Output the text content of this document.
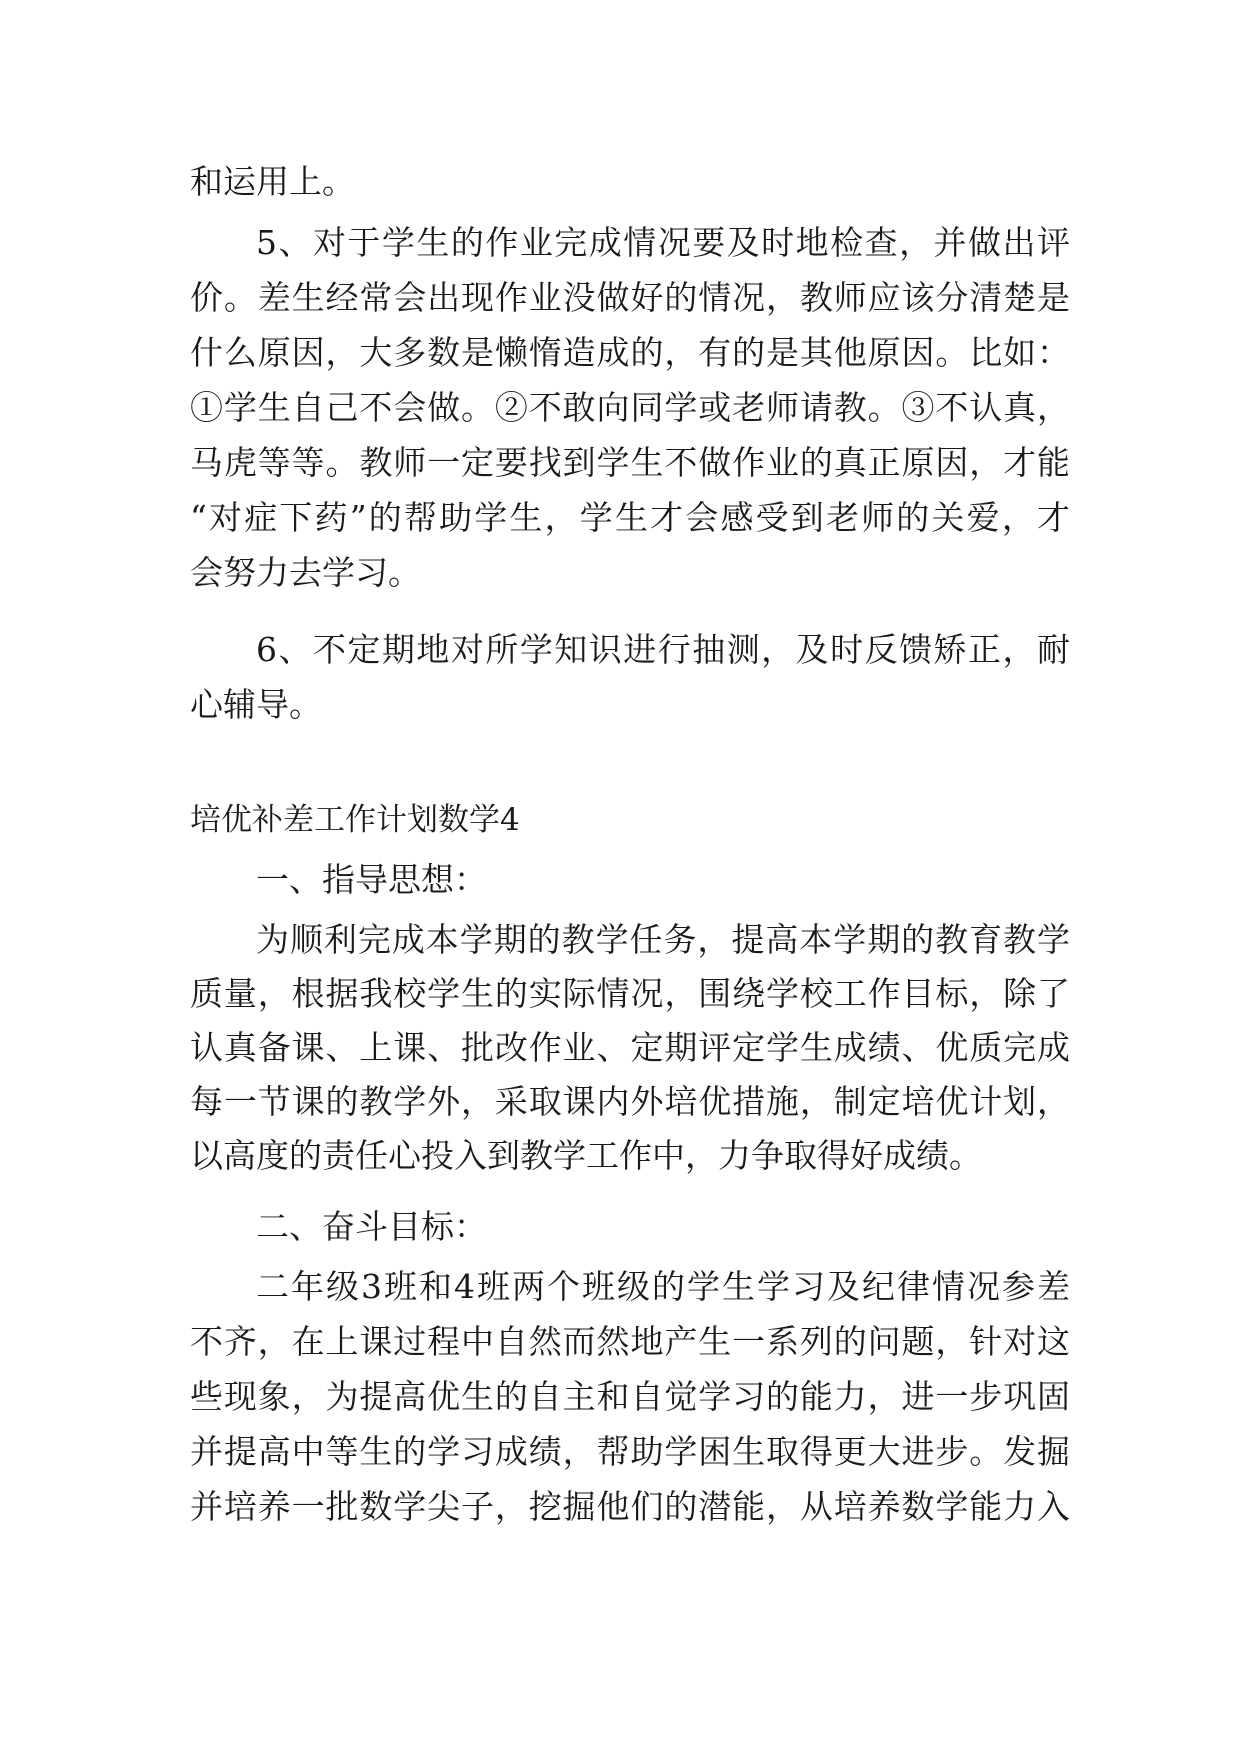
和运用上。
5、对于学生的作业完成情况要及时地检查，并做出评
价。差生经常会出现作业没做好的情况，教师应该分清楚是
什么原因，大多数是懒惰造成的，有的是其他原因。比如：
①学生自己不会做。②不敢向同学或老师请教。③不认真，
马虎等等。教师一定要找到学生不做作业的真正原因，才能
“对症下药”的帮助学生，学生才会感受到老师的关爱，才
会努力去学习。
6、不定期地对所学知识进行抽测，及时反馈矫正，耐
心辅导。
培优补差工作计划数学4
一、指导思想：
为顺利完成本学期的教学任务，提高本学期的教育教学
质量，根据我校学生的实际情况，围绕学校工作目标，除了
认真备课、上课、批改作业、定期评定学生成绩、优质完成
每一节课的教学外，采取课内外培优措施，制定培优计划，
以高度的责任心投入到教学工作中，力争取得好成绩。
二、奋斗目标：
二年级3班和4班两个班级的学生学习及纪律情况参差
不齐，在上课过程中自然而然地产生一系列的问题，针对这
些现象，为提高优生的自主和自觉学习的能力，进一步巩固
并提高中等生的学习成绩，帮助学困生取得更大进步。发掘
并培养一批数学尖子，挖掘他们的潜能，从培养数学能力入
